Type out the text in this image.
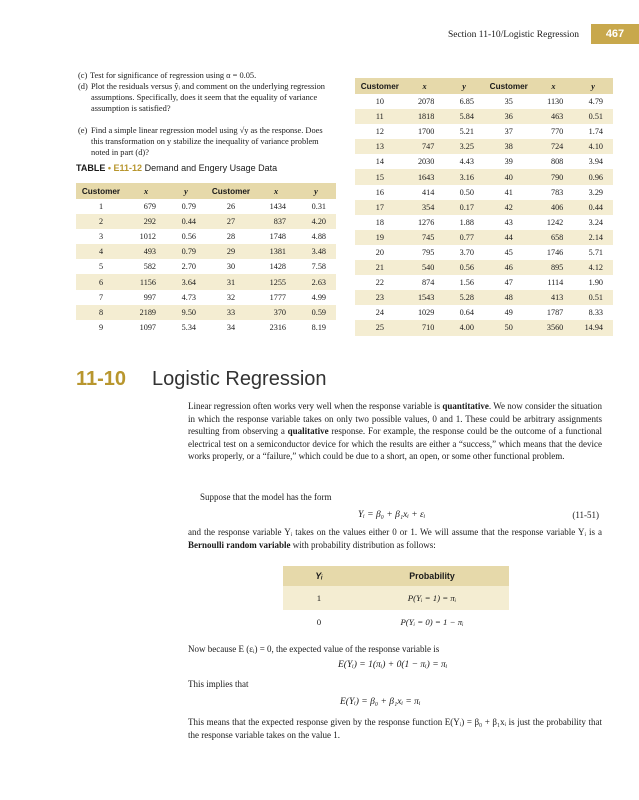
Section 11-10/Logistic Regression	467
(c) Test for significance of regression using α = 0.05.
(d) Plot the residuals versus ŷᵢ and comment on the underlying regression assumptions. Specifically, does it seem that the equality of variance assumption is satisfied?
(e) Find a simple linear regression model using √y as the response. Does this transformation on y stabilize the inequality of variance problem noted in part (d)?
TABLE • E11-12 Demand and Engery Usage Data
Customer	x	y	Customer	x	y
1	679	0.79	26	1434	0.31
2	292	0.44	27	837	4.20
3	1012	0.56	28	1748	4.88
4	493	0.79	29	1381	3.48
5	582	2.70	30	1428	7.58
6	1156	3.64	31	1255	2.63
7	997	4.73	32	1777	4.99
8	2189	9.50	33	370	0.59
9	1097	5.34	34	2316	8.19
Customer	x	y	Customer	x	y
10	2078	6.85	35	1130	4.79
11	1818	5.84	36	463	0.51
12	1700	5.21	37	770	1.74
13	747	3.25	38	724	4.10
14	2030	4.43	39	808	3.94
15	1643	3.16	40	790	0.96
16	414	0.50	41	783	3.29
17	354	0.17	42	406	0.44
18	1276	1.88	43	1242	3.24
19	745	0.77	44	658	2.14
20	795	3.70	45	1746	5.71
21	540	0.56	46	895	4.12
22	874	1.56	47	1114	1.90
23	1543	5.28	48	413	0.51
24	1029	0.64	49	1787	8.33
25	710	4.00	50	3560	14.94
11-10 Logistic Regression
Linear regression often works very well when the response variable is quantitative. We now consider the situation in which the response variable takes on only two possible values, 0 and 1. These could be arbitrary assignments resulting from observing a qualitative response. For example, the response could be the outcome of a functional electrical test on a semiconductor device for which the results are either a “success,” which means that the device works properly, or a “failure,” which could be due to a short, an open, or some other functional problem.
Suppose that the model has the form
Yᵢ = β₀ + β₁xᵢ + εᵢ	(11-51)
and the response variable Yᵢ takes on the values either 0 or 1. We will assume that the response variable Yᵢ is a Bernoulli random variable with probability distribution as follows:
Yᵢ	Probability
1	P(Yᵢ = 1) = πᵢ
0	P(Yᵢ = 0) = 1 − πᵢ
Now because E (εᵢ) = 0, the expected value of the response variable is
E(Yᵢ) = 1(πᵢ) + 0(1 − πᵢ) = πᵢ
This implies that
E(Yᵢ) = β₀ + β₁xᵢ = πᵢ
This means that the expected response given by the response function E(Yᵢ) = β₀ + β₁xᵢ is just the probability that the response variable takes on the value 1.
